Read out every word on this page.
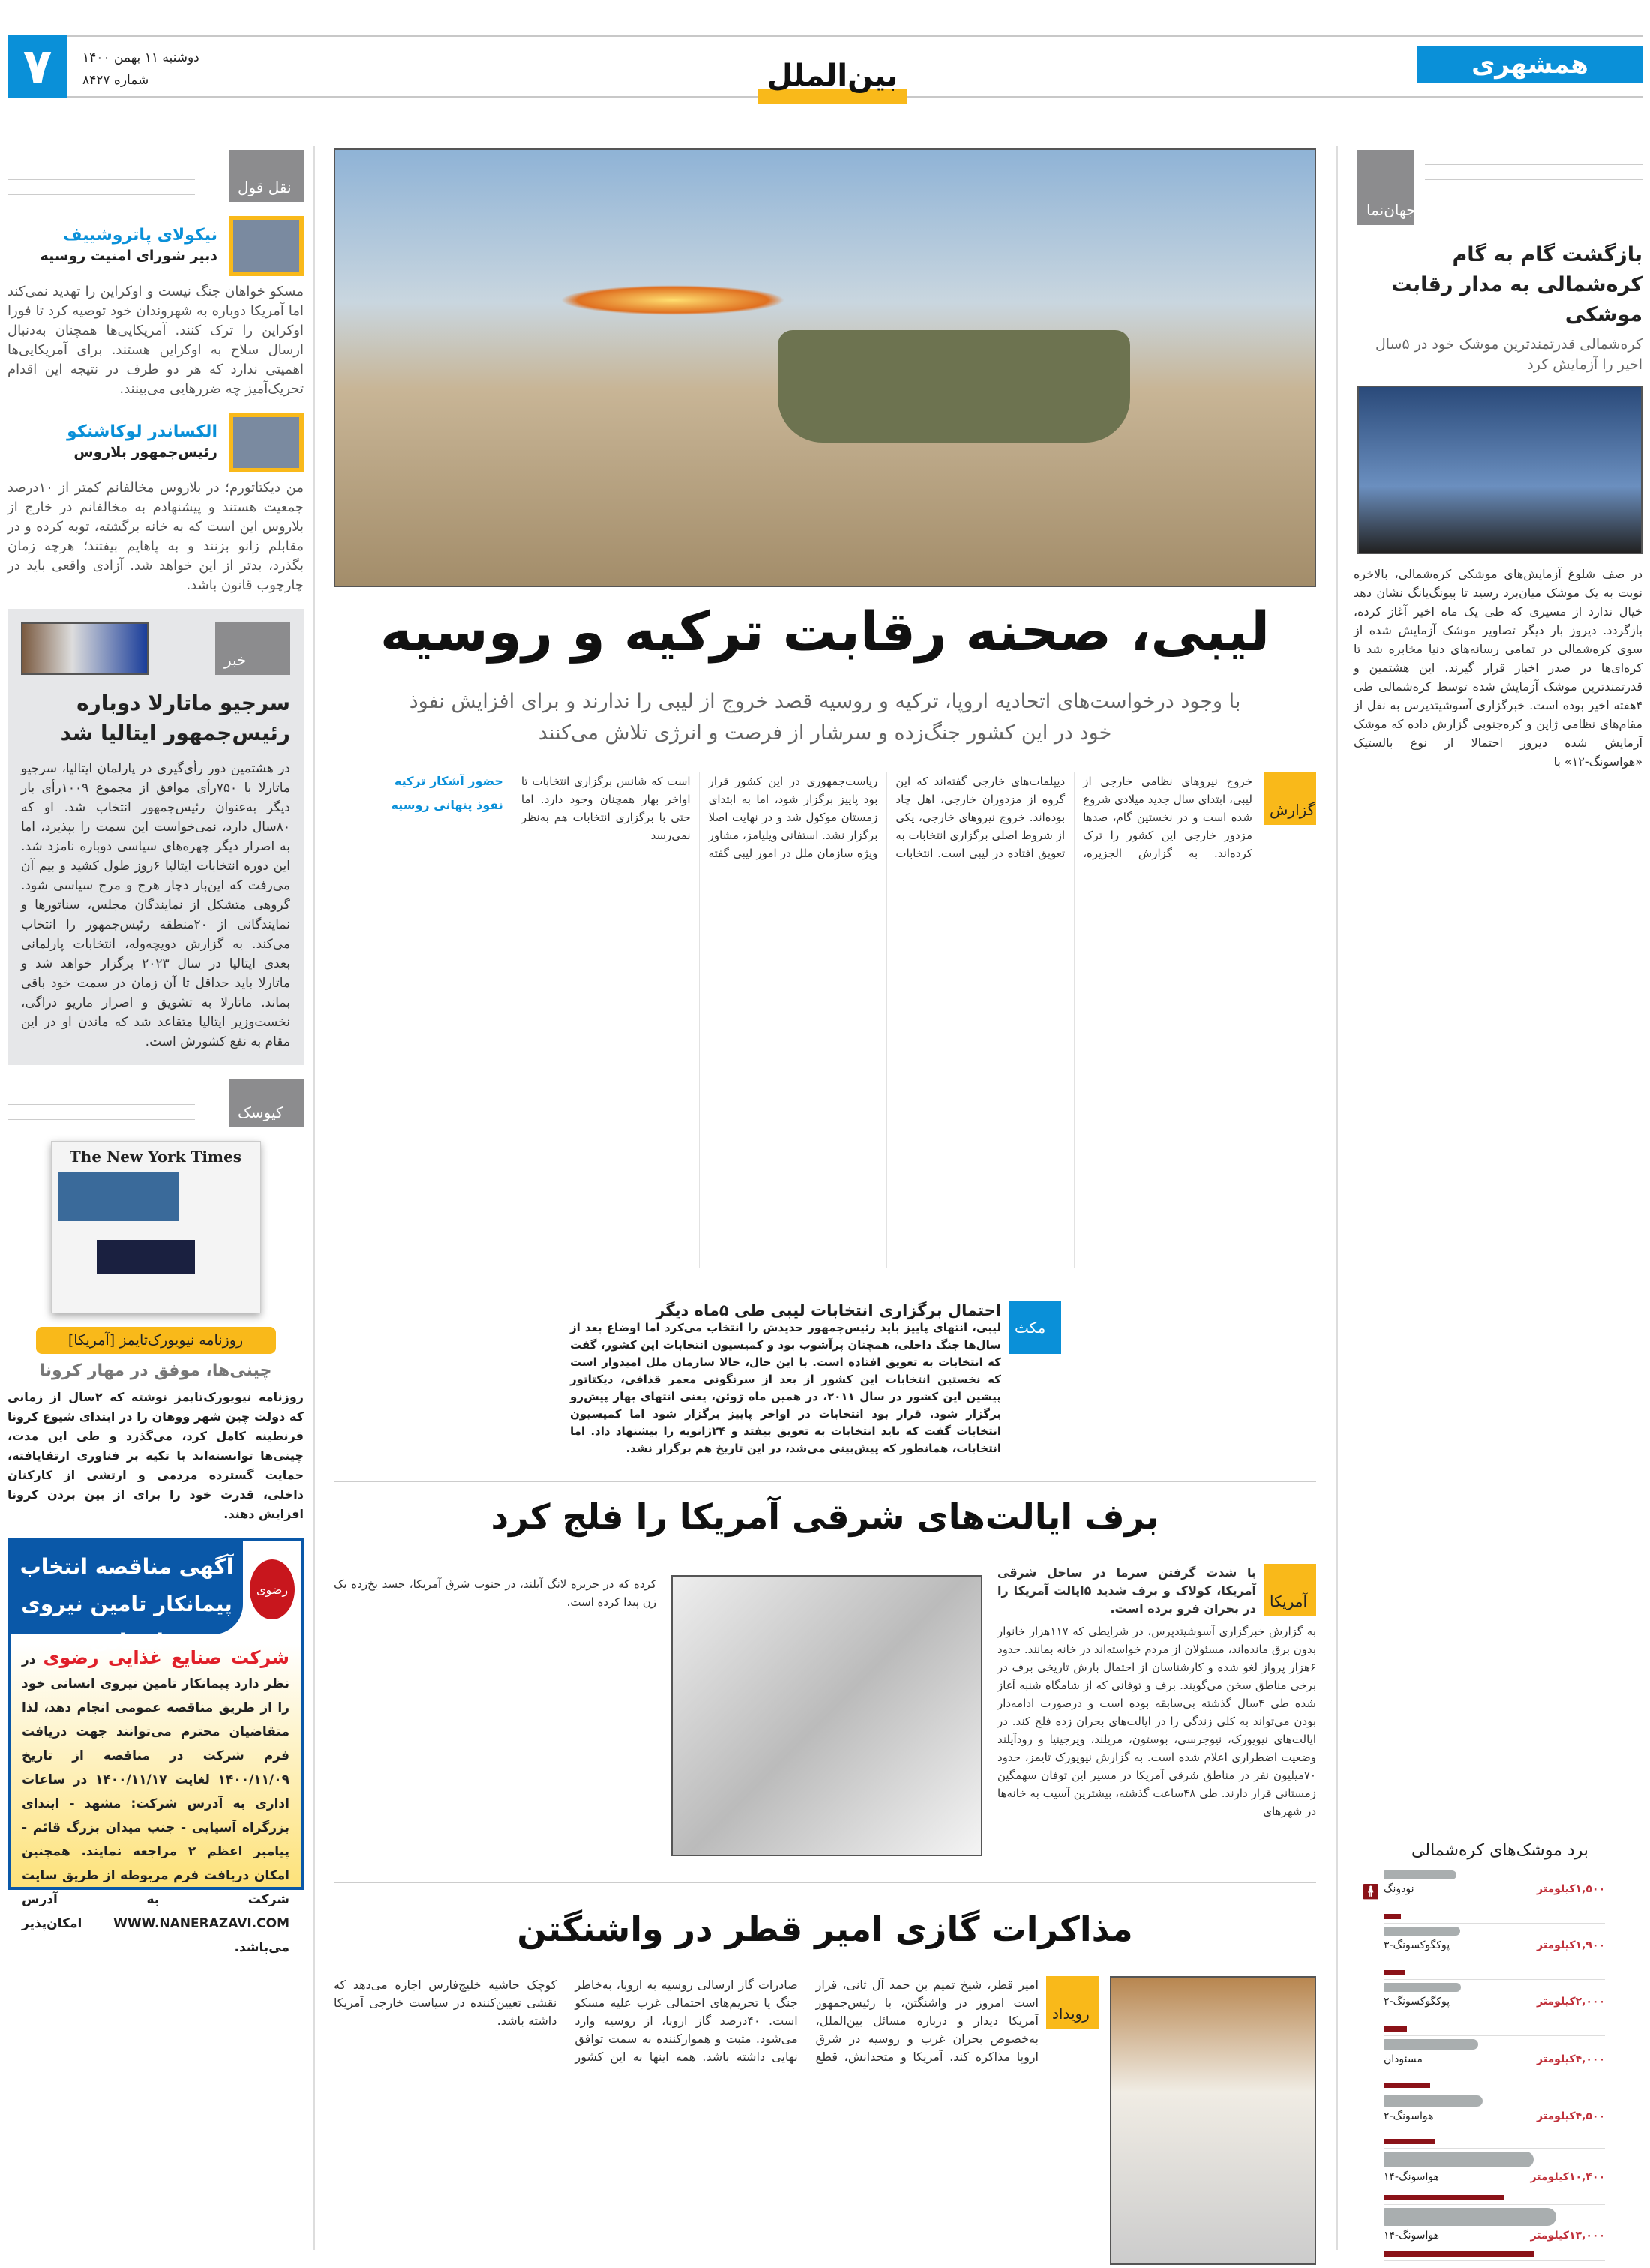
۷	دوشنبه ۱۱ بهمن ۱۴۰۰
شماره ۸۴۲۷	بین‌الملل	همشهری
نقل قول
نیکولای پاتروشییف
دبیر شورای امنیت روسیه
مسکو خواهان جنگ نیست و اوکراین را تهدید نمی‌کند اما آمریکا دوباره به شهروندان خود توصیه کرد تا فورا اوکراین را ترک کنند. آمریکایی‌ها همچنان به‌دنبال ارسال سلاح به اوکراین هستند. برای آمریکایی‌ها اهمیتی ندارد که هر دو طرف در نتیجه این اقدام تحریک‌آمیز چه ضررهایی می‌بینند.
الکساندر لوکاشنکو
رئیس‌جمهور بلاروس
من دیکتاتورم؛ در بلاروس مخالفانم کمتر از ۱۰درصد جمعیت هستند و پیشنهادم به مخالفانم در خارج از بلاروس این است که به خانه برگشته، توبه کرده و در مقابلم زانو بزنند و به پاهایم بیفتند؛ هرچه زمان بگذرد، بدتر از این خواهد شد. آزادی واقعی باید در چارچوب قانون باشد.
خبر
سرجیو ماتارلا دوباره رئیس‌جمهور ایتالیا شد
در هشتمین دور رأی‌گیری در پارلمان ایتالیا، سرجیو ماتارلا با ۷۵۰رأی موافق از مجموع ۱۰۰۹رأی بار دیگر به‌عنوان رئیس‌جمهور انتخاب شد. او که ۸۰سال دارد، نمی‌خواست این سمت را بپذیرد، اما به اصرار دیگر چهره‌های سیاسی دوباره نامزد شد. این دوره انتخابات ایتالیا ۶روز طول کشید و بیم آن می‌رفت که این‌بار دچار هرج و مرج سیاسی شود. گروهی متشکل از نمایندگان مجلس، سناتورها و نمایندگانی از ۲۰منطقه رئیس‌جمهور را انتخاب می‌کند. به گزارش دویچه‌وله، انتخابات پارلمانی بعدی ایتالیا در سال ۲۰۲۳ برگزار خواهد شد و ماتارلا باید حداقل تا آن زمان در سمت خود باقی بماند. ماتارلا به تشویق و اصرار ماریو دراگی، نخست‌وزیر ایتالیا متقاعد شد که ماندن او در این مقام به نفع کشورش است.
کیوسک
The New York Times
روزنامه نیویورک‌تایمز [آمریکا]
چینی‌ها، موفق در مهار کرونا
روزنامه نیویورک‌تایمز نوشته که ۲سال از زمانی که دولت چین شهر ووهان را در ابتدای شیوع کرونا قرنطینه کامل کرد، می‌گذرد و طی این مدت، چینی‌ها توانسته‌اند با تکیه بر فناوری ارتقایافته، حمایت گسترده مردمی و ارتشی از کارکنان داخلی، قدرت خود را برای از بین بردن کرونا افزایش دهند.
آگهی مناقصه انتخاب پیمانکار تامین نیروی انسانی
رضوی
شرکت صنایع غذایی رضوی در نظر دارد پیمانکار تامین نیروی انسانی خود را از طریق مناقصه عمومی انجام دهد، لذا متقاضیان محترم می‌توانند جهت دریافت فرم شرکت در مناقصه از تاریخ ۱۴۰۰/۱۱/۰۹ لغایت ۱۴۰۰/۱۱/۱۷ در ساعات اداری به آدرس شرکت: مشهد - ابتدای بزرگراه آسیایی - جنب میدان بزرگ قائم - پیامبر اعظم ۲ مراجعه نمایند. همچنین امکان دریافت فرم مربوطه از طریق سایت شرکت به آدرس WWW.NANERAZAVI.COM امکان‌پذیر می‌باشد.
لیبی، صحنه رقابت ترکیه و روسیه
با وجود درخواست‌های اتحادیه اروپا، ترکیه و روسیه قصد خروج از لیبی را ندارند و برای افزایش نفوذ خود در این کشور جنگ‌زده و سرشار از فرصت و انرژی تلاش می‌کنند
گزارش

خروج نیروهای نظامی خارجی از لیبی، ابتدای سال جدید میلادی شروع شده است و در نخستین گام، صدها مزدور خارجی این کشور را ترک کرده‌اند. به گزارش الجزیره، دیپلمات‌های خارجی گفته‌اند که این گروه از مزدوران خارجی، اهل چاد بوده‌اند. خروج نیروهای خارجی، یکی از شروط اصلی برگزاری انتخابات به تعویق افتاده در لیبی است. انتخابات ریاست‌جمهوری در این کشور قرار بود پاییز برگزار شود، اما به ابتدای زمستان موکول شد و در نهایت اصلا برگزار نشد. استفانی ویلیامز، مشاور ویژه سازمان ملل در امور لیبی گفته است که شانس برگزاری انتخابات تا اواخر بهار همچنان وجود دارد. اما حتی با برگزاری انتخابات هم به‌نظر نمی‌رسد

حضور آشکار ترکیه
نفوذ پنهانی روسیه
مکث
احتمال برگزاری انتخابات لیبی طی ۵ماه دیگر
لیبی، انتهای پاییز باید رئیس‌جمهور جدیدش را انتخاب می‌کرد اما اوضاع بعد از سال‌ها جنگ داخلی، همچنان پرآشوب بود و کمیسیون انتخابات این کشور، گفت که انتخابات به تعویق افتاده است. با این حال، حالا سازمان ملل امیدوار است که نخستین انتخابات این کشور از بعد از سرنگونی معمر قذافی، دیکتاتور پیشین این کشور در سال ۲۰۱۱، در همین ماه ژوئن، یعنی انتهای بهار پیش‌رو برگزار شود. قرار بود انتخابات در اواخر پاییز برگزار شود اما کمیسیون انتخابات گفت که باید انتخابات به تعویق بیفتد و ۲۴ژانویه را پیشنهاد داد. اما انتخابات، همانطور که پیش‌بینی می‌شد، در این تاریخ هم برگزار نشد.
برف ایالت‌های شرقی آمریکا را فلج کرد
آمریکا
با شدت گرفتن سرما در ساحل شرقی آمریکا، کولاک و برف شدید ۵ایالت آمریکا را در بحران فرو برده است.
به گزارش خبرگزاری آسوشیتدپرس، در شرایطی که ۱۱۷هزار خانوار بدون برق مانده‌اند، مسئولان از مردم خواسته‌اند در خانه بمانند. حدود ۶هزار پرواز لغو شده و کارشناسان از احتمال بارش تاریخی برف در برخی مناطق سخن می‌گویند. برف و توفانی که از شامگاه شنبه آغاز شده طی ۴سال گذشته بی‌سابقه بوده است و درصورت ادامه‌دار بودن می‌تواند به کلی زندگی را در ایالت‌های بحران زده فلج کند. در ایالت‌های نیویورک، نیوجرسی، بوستون، مریلند، ویرجینیا و رودآیلند وضعیت اضطراری اعلام شده است. به گزارش نیویورک تایمز، حدود ۷۰میلیون نفر در مناطق شرقی آمریکا در مسیر این توفان سهمگین زمستانی قرار دارند. طی ۴۸ساعت گذشته، بیشترین آسیب به خانه‌ها در شهرهای
کرده که در جزیره لانگ آیلند، در جنوب شرق آمریکا، جسد یخ‌زده یک زن پیدا کرده است.
مذاکرات گازی امیر قطر در واشنگتن
رویداد
امیر قطر، شیخ تمیم بن حمد آل ثانی، قرار است امروز در واشنگتن، با رئیس‌جمهور آمریکا دیدار و درباره مسائل بین‌الملل، به‌خصوص بحران غرب و روسیه در شرق اروپا مذاکره کند. آمریکا و متحدانش، قطع صادرات گاز ارسالی روسیه به اروپا، به‌خاطر جنگ یا تحریم‌های احتمالی غرب علیه مسکو است. ۴۰درصد گاز اروپا، از روسیه وارد می‌شود. مثبت و هموارکننده به سمت توافق نهایی داشته باشد. همه اینها به این کشور کوچک حاشیه خلیج‌فارس اجازه می‌دهد که نقشی تعیین‌کننده در سیاست خارجی آمریکا داشته باشد.
جهان‌نما
بازگشت گام به گام کره‌شمالی به مدار رقابت موشکی
کره‌شمالی قدرتمندترین موشک خود در ۵سال اخیر را آزمایش کرد
در صف شلوغ آزمایش‌های موشکی کره‌شمالی، بالاخره نوبت به یک موشک میان‌برد رسید تا پیونگ‌یانگ نشان دهد خیال ندارد از مسیری که طی یک ماه اخیر آغاز کرده، بازگردد. دیروز بار دیگر تصاویر موشک آزمایش شده از سوی کره‌شمالی در تمامی رسانه‌های دنیا مخابره شد تا کره‌ای‌ها در صدر اخبار قرار گیرند. این هشتمین و قدرتمندترین موشک آزمایش شده توسط کره‌شمالی طی ۴هفته اخیر بوده است. خبرگزاری آسوشیتدپرس به نقل از مقام‌های نظامی ژاپن و کره‌جنوبی گزارش داده که موشک آزمایش شده دیروز احتمالا از نوع بالستیک «هواسونگ-۱۲» با
برد موشک‌های کره‌شمالی
🚹︎ نودونگ	۱,۵۰۰کیلومتر
پوکگوکسونگ-۳	۱,۹۰۰کیلومتر
پوکگوکسونگ-۲	۲,۰۰۰کیلومتر
مسئودان	۴,۰۰۰کیلومتر
هواسونگ-۲	۴,۵۰۰کیلومتر
هواسونگ-۱۴	۱۰,۴۰۰کیلومتر
هواسونگ-۱۴	۱۳,۰۰۰کیلومتر
